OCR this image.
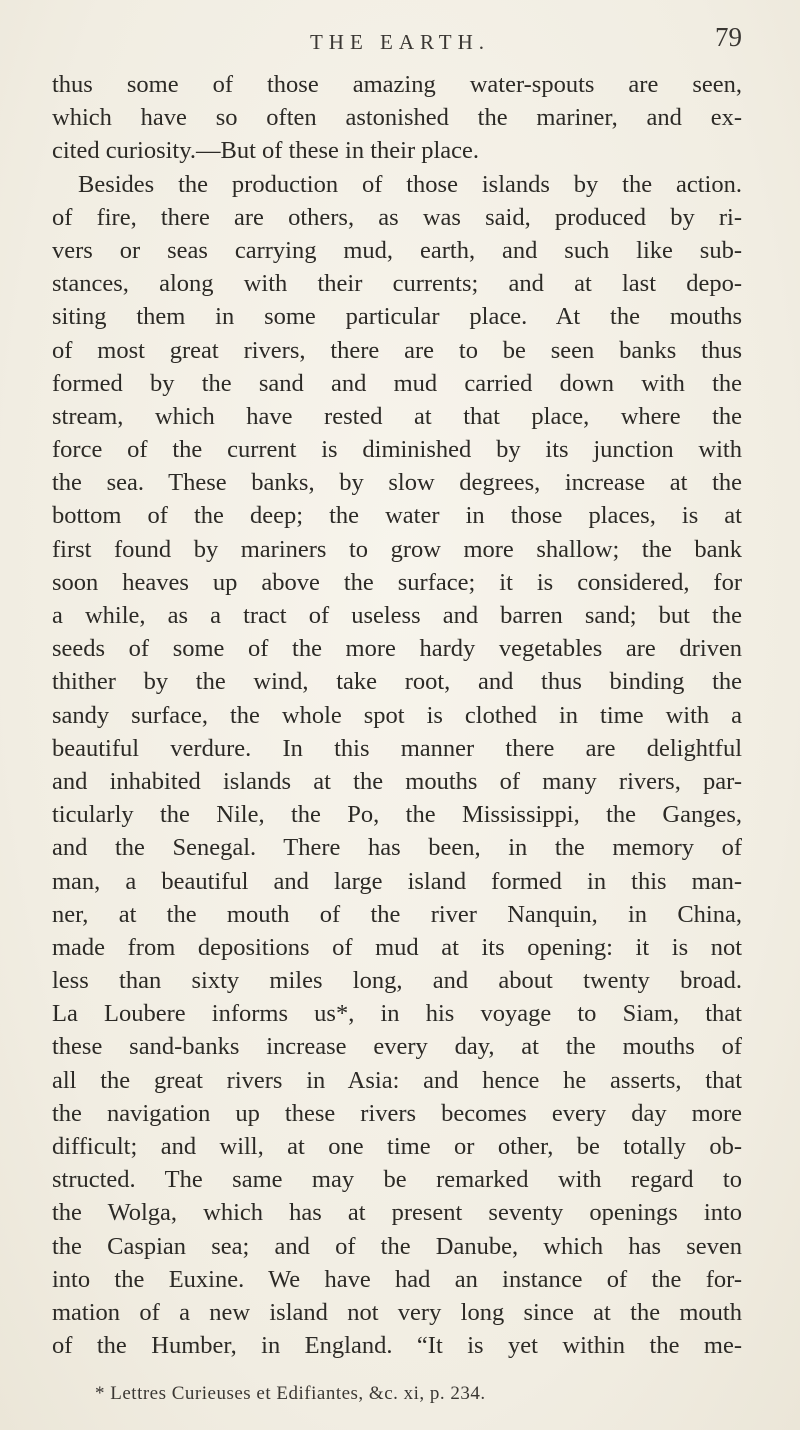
THE EARTH.	79
thus some of those amazing water-spouts are seen,
which have so often astonished the mariner, and ex-
cited curiosity.—But of these in their place.
Besides the production of those islands by the action.
of fire, there are others, as was said, produced by ri-
vers or seas carrying mud, earth, and such like sub-
stances, along with their currents; and at last depo-
siting them in some particular place. At the mouths
of most great rivers, there are to be seen banks thus
formed by the sand and mud carried down with the
stream, which have rested at that place, where the
force of the current is diminished by its junction with
the sea. These banks, by slow degrees, increase at the
bottom of the deep; the water in those places, is at
first found by mariners to grow more shallow; the bank
soon heaves up above the surface; it is considered, for
a while, as a tract of useless and barren sand; but the
seeds of some of the more hardy vegetables are driven
thither by the wind, take root, and thus binding the
sandy surface, the whole spot is clothed in time with a
beautiful verdure. In this manner there are delightful
and inhabited islands at the mouths of many rivers, par-
ticularly the Nile, the Po, the Mississippi, the Ganges,
and the Senegal. There has been, in the memory of
man, a beautiful and large island formed in this man-
ner, at the mouth of the river Nanquin, in China,
made from depositions of mud at its opening: it is not
less than sixty miles long, and about twenty broad.
La Loubere informs us*, in his voyage to Siam, that
these sand-banks increase every day, at the mouths of
all the great rivers in Asia: and hence he asserts, that
the navigation up these rivers becomes every day more
difficult; and will, at one time or other, be totally ob-
structed. The same may be remarked with regard to
the Wolga, which has at present seventy openings into
the Caspian sea; and of the Danube, which has seven
into the Euxine. We have had an instance of the for-
mation of a new island not very long since at the mouth
of the Humber, in England. “It is yet within the me-
* Lettres Curieuses et Edifiantes, &c. xi, p. 234.
